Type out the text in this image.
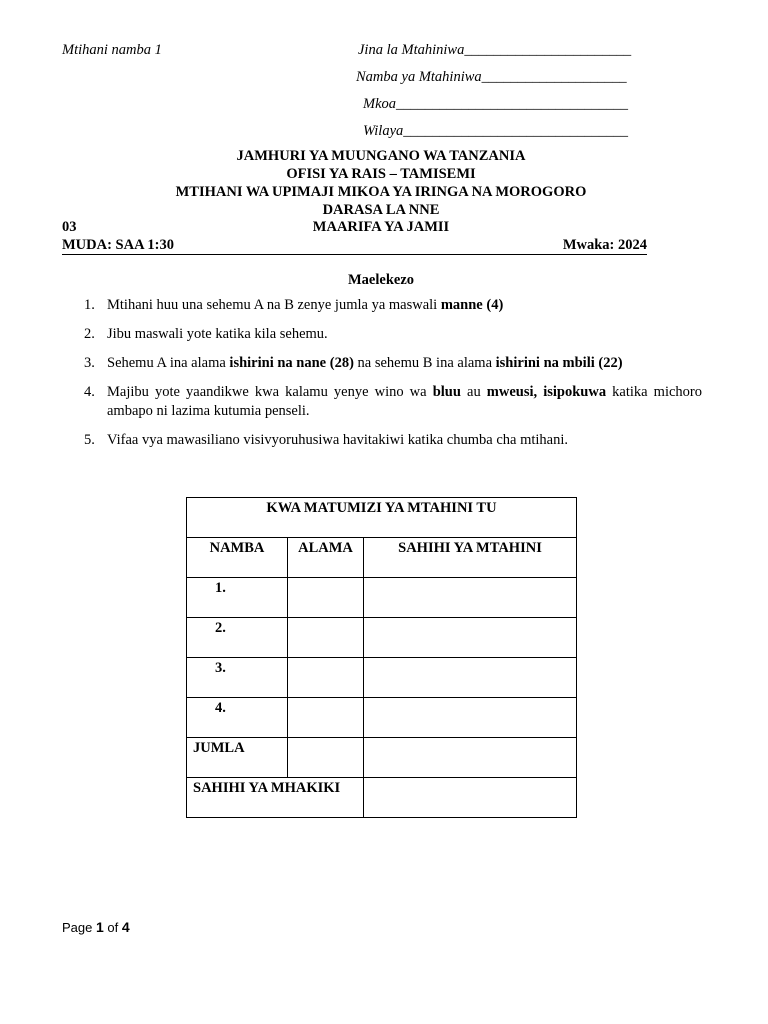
Mtihani namba 1	Jina la Mtahiniwa_______________________
Namba ya Mtahiniwa____________________
Mkoa________________________________
Wilaya_______________________________
JAMHURI YA MUUNGANO WA TANZANIA
OFISI YA RAIS – TAMISEMI
MTIHANI WA UPIMAJI MIKOA YA IRINGA NA MOROGORO
DARASA LA NNE
MAARIFA YA JAMII
03
MUDA: SAA 1:30	Mwaka: 2024
Maelekezo
1. Mtihani huu una sehemu A na B zenye jumla ya maswali manne (4)
2. Jibu maswali yote katika kila sehemu.
3. Sehemu A ina alama ishirini na nane (28) na sehemu B ina alama ishirini na mbili (22)
4. Majibu yote yaandikwe kwa kalamu yenye wino wa bluu au mweusi, isipokuwa katika michoro ambapo ni lazima kutumia penseli.
5. Vifaa vya mawasiliano visivyoruhusiwa havitakiwi katika chumba cha mtihani.
KWA MATUMIZI YA MTAHINI TU		
NAMBA	ALAMA	SAHIHI YA MTAHINI
1.		
2.		
3.		
4.		
JUMLA		
SAHIHI YA MHAKIKI		
Page 1 of 4
